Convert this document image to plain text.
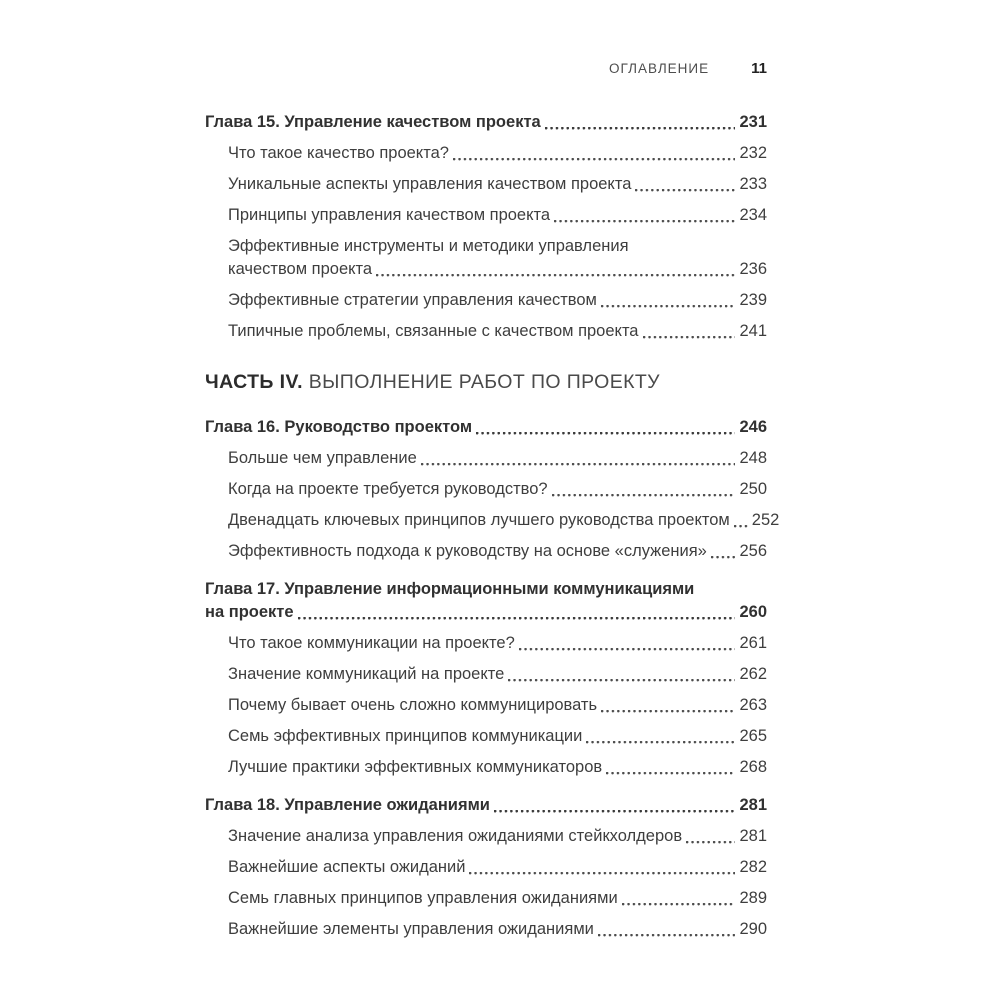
ОГЛАВЛЕНИЕ	11
Глава 15. Управление качеством проекта	231
Что такое качество проекта?	232
Уникальные аспекты управления качеством проекта	233
Принципы управления качеством проекта	234
Эффективные инструменты и методики управления
качеством проекта	236
Эффективные стратегии управления качеством	239
Типичные проблемы, связанные с качеством проекта	241
ЧАСТЬ IV. ВЫПОЛНЕНИЕ РАБОТ ПО ПРОЕКТУ
Глава 16. Руководство проектом	246
Больше чем управление	248
Когда на проекте требуется руководство?	250
Двенадцать ключевых принципов лучшего руководства проектом 252
Эффективность подхода к руководству на основе «служения» 256
Глава 17. Управление информационными коммуникациями
на проекте	260
Что такое коммуникации на проекте?	261
Значение коммуникаций на проекте	262
Почему бывает очень сложно коммуницировать	263
Семь эффективных принципов коммуникации	265
Лучшие практики эффективных коммуникаторов	268
Глава 18. Управление ожиданиями	281
Значение анализа управления ожиданиями стейкхолдеров	281
Важнейшие аспекты ожиданий	282
Семь главных принципов управления ожиданиями	289
Важнейшие элементы управления ожиданиями	290
